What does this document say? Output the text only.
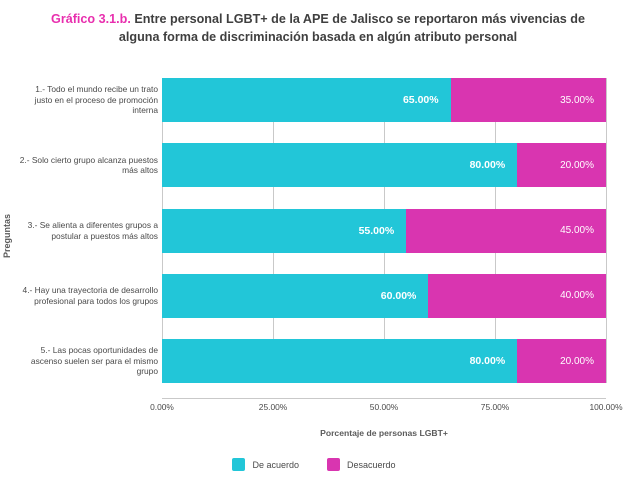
Gráfico 3.1.b. Entre personal LGBT+ de la APE de Jalisco se reportaron más vivencias de alguna forma de discriminación basada en algún atributo personal
Preguntas
1.- Todo el mundo recibe un trato justo en el proceso de promoción interna
2.- Solo cierto grupo alcanza puestos más altos
3.- Se alienta a diferentes grupos a postular a puestos más altos
4.- Hay una trayectoria de desarrollo profesional para todos los grupos
5.- Las pocas oportunidades de ascenso suelen ser para el mismo grupo
65.00%	35.00%
80.00%	20.00%
55.00%	45.00%
60.00%	40.00%
80.00%	20.00%
0.00%	25.00%	50.00%	75.00%	100.00%
Porcentaje de personas LGBT+
De acuerdo	Desacuerdo
